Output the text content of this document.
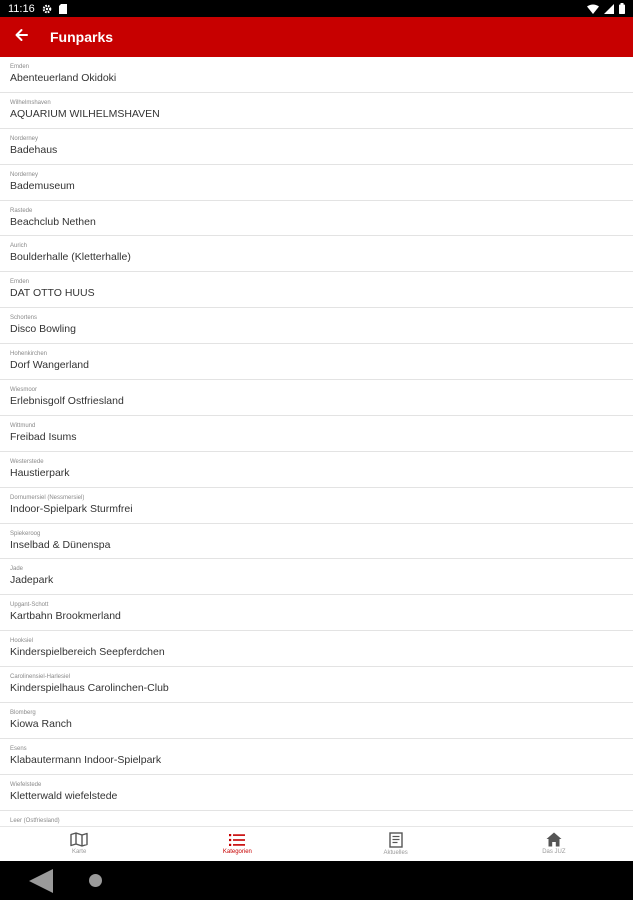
11:16
Funparks
Emden
Abenteuerland Okidoki
Wilhelmshaven
AQUARIUM WILHELMSHAVEN
Norderney
Badehaus
Norderney
Bademuseum
Rastede
Beachclub Nethen
Aurich
Boulderhalle (Kletterhalle)
Emden
DAT OTTO HUUS
Schortens
Disco Bowling
Hohenkirchen
Dorf Wangerland
Wiesmoor
Erlebnisgolf Ostfriesland
Wittmund
Freibad Isums
Westerstede
Haustierpark
Dornumersiel (Nessmersiel)
Indoor-Spielpark Sturmfrei
Spiekeroog
Inselbad & Dünenspa
Jade
Jadepark
Upgant-Schott
Kartbahn Brookmerland
Hooksiel
Kinderspielbereich Seepferdchen
Carolinensiel-Harlesiel
Kinderspielhaus Carolinchen-Club
Blomberg
Kiowa Ranch
Esens
Klabautermann Indoor-Spielpark
Wiefelstede
Kletterwald wiefelstede
Leer (Ostfriesland)
Karte	Kategorien	Aktuelles	Das JUZ
